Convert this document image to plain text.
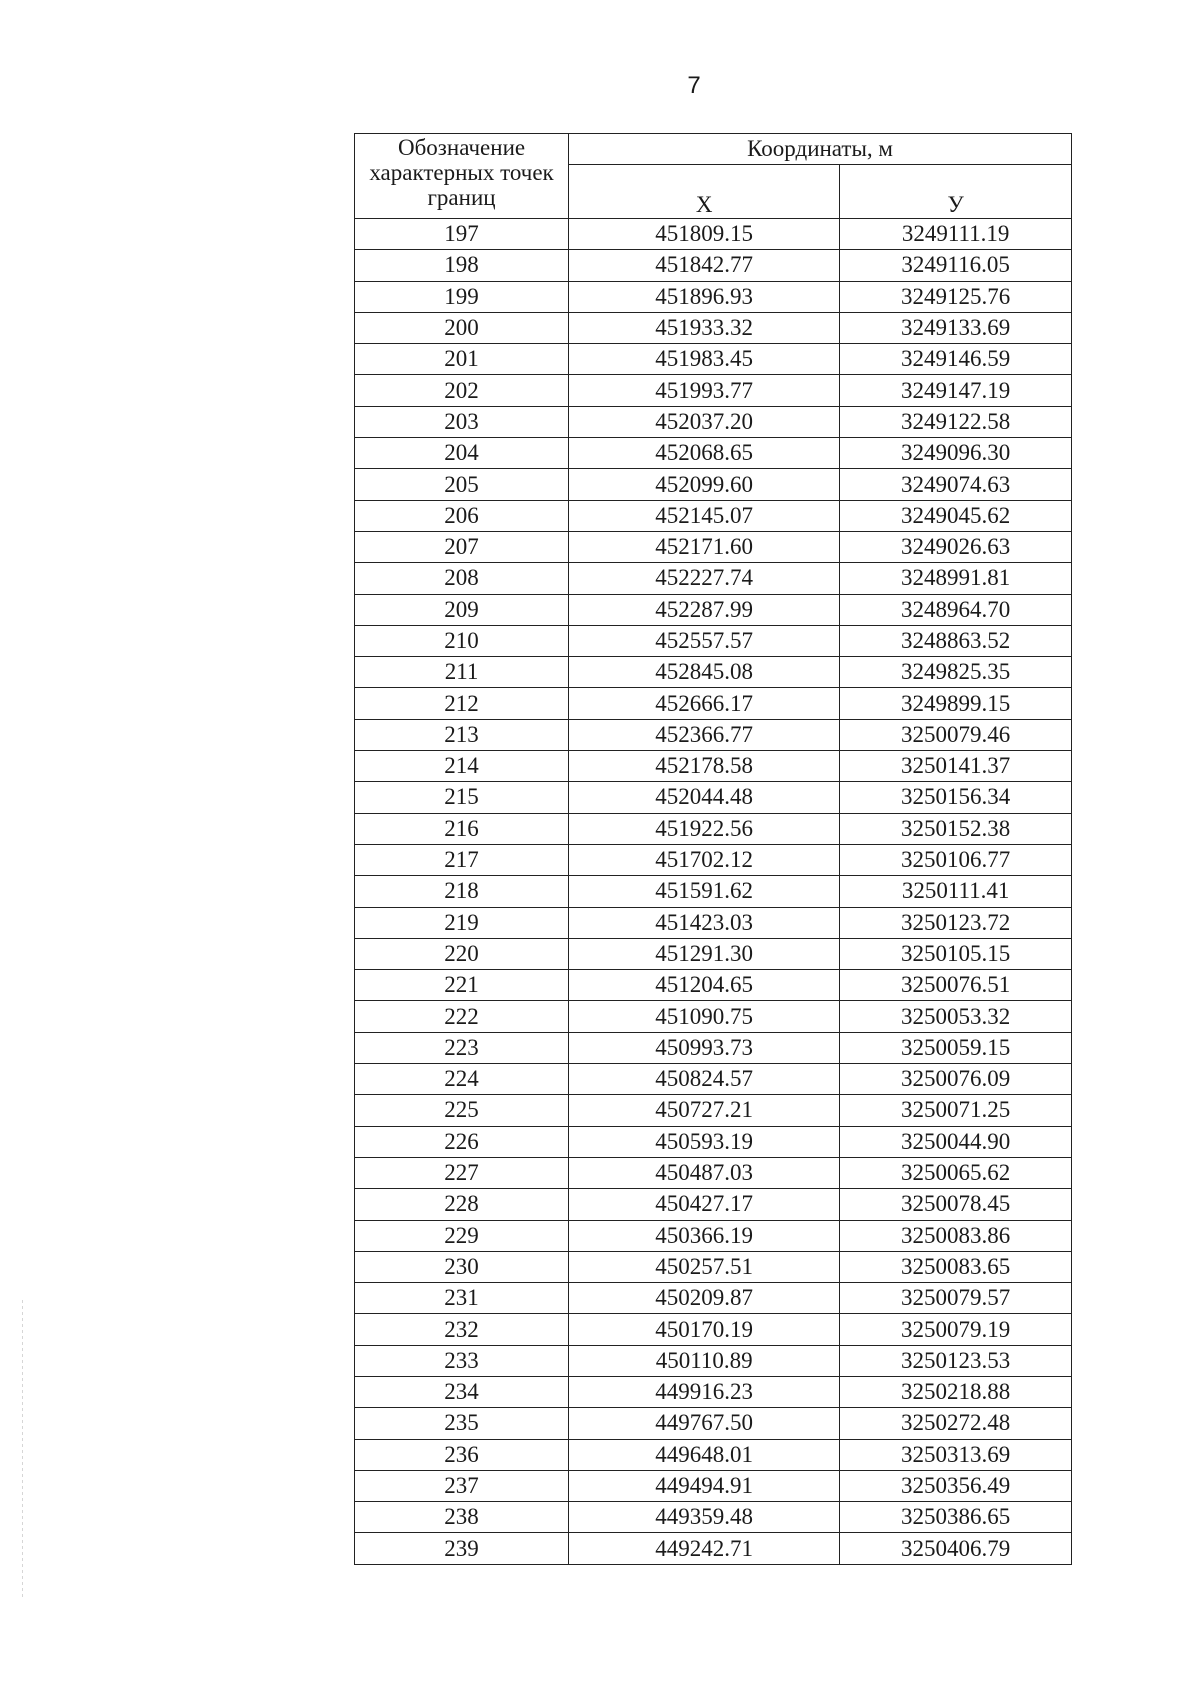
7
Обозначение характерных точек границ	Координаты, м	
	X	У
197	451809.15	3249111.19
198	451842.77	3249116.05
199	451896.93	3249125.76
200	451933.32	3249133.69
201	451983.45	3249146.59
202	451993.77	3249147.19
203	452037.20	3249122.58
204	452068.65	3249096.30
205	452099.60	3249074.63
206	452145.07	3249045.62
207	452171.60	3249026.63
208	452227.74	3248991.81
209	452287.99	3248964.70
210	452557.57	3248863.52
211	452845.08	3249825.35
212	452666.17	3249899.15
213	452366.77	3250079.46
214	452178.58	3250141.37
215	452044.48	3250156.34
216	451922.56	3250152.38
217	451702.12	3250106.77
218	451591.62	3250111.41
219	451423.03	3250123.72
220	451291.30	3250105.15
221	451204.65	3250076.51
222	451090.75	3250053.32
223	450993.73	3250059.15
224	450824.57	3250076.09
225	450727.21	3250071.25
226	450593.19	3250044.90
227	450487.03	3250065.62
228	450427.17	3250078.45
229	450366.19	3250083.86
230	450257.51	3250083.65
231	450209.87	3250079.57
232	450170.19	3250079.19
233	450110.89	3250123.53
234	449916.23	3250218.88
235	449767.50	3250272.48
236	449648.01	3250313.69
237	449494.91	3250356.49
238	449359.48	3250386.65
239	449242.71	3250406.79
